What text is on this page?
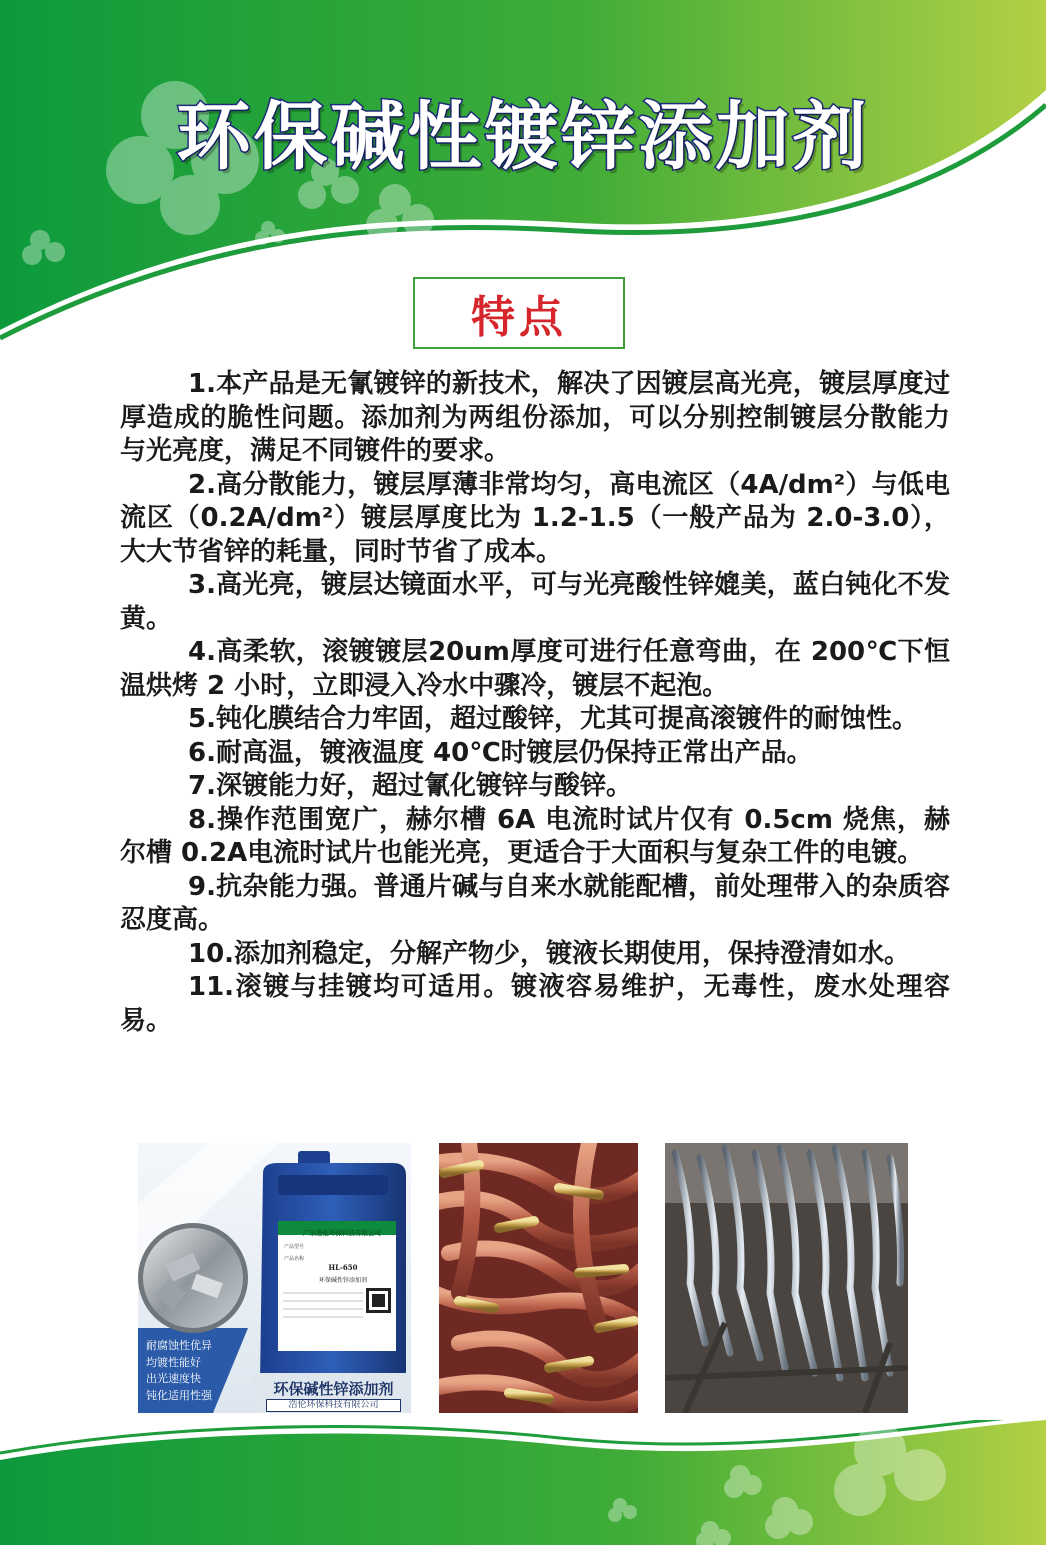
环保碱性镀锌添加剂
特点

1.本产品是无氰镀锌的新技术，解决了因镀层高光亮，镀层厚度过厚造成的脆性问题。添加剂为两组份添加，可以分别控制镀层分散能力与光亮度，满足不同镀件的要求。

2.高分散能力，镀层厚薄非常均匀，高电流区（4A/dm²）与低电流区（0.2A/dm²）镀层厚度比为 1.2-1.5（一般产品为 2.0-3.0），大大节省锌的耗量，同时节省了成本。

3.高光亮，镀层达镜面水平，可与光亮酸性锌媲美，蓝白钝化不发黄。

4.高柔软，滚镀镀层20um厚度可进行任意弯曲，在 200℃下恒温烘烤 2 小时，立即浸入冷水中骤冷，镀层不起泡。

5.钝化膜结合力牢固，超过酸锌，尤其可提高滚镀件的耐蚀性。

6.耐高温，镀液温度 40℃时镀层仍保持正常出产品。

7.深镀能力好，超过氰化镀锌与酸锌。

8.操作范围宽广，赫尔槽 6A 电流时试片仅有 0.5cm 烧焦，赫尔槽 0.2A电流时试片也能光亮，更适合于大面积与复杂工件的电镀。

9.抗杂能力强。普通片碱与自来水就能配槽，前处理带入的杂质容忍度高。

10.添加剂稳定，分解产物少，镀液长期使用，保持澄清如水。

11.滚镀与挂镀均可适用。镀液容易维护，无毒性，废水处理容易。

广东浩伦环保科技有限公司
产品型号
产品名称
HL-650
环保碱性锌添加剂
耐腐蚀性优异
均镀性能好
出光速度快
钝化适用性强	环保碱性锌添加剂
浩伦环保科技有限公司
